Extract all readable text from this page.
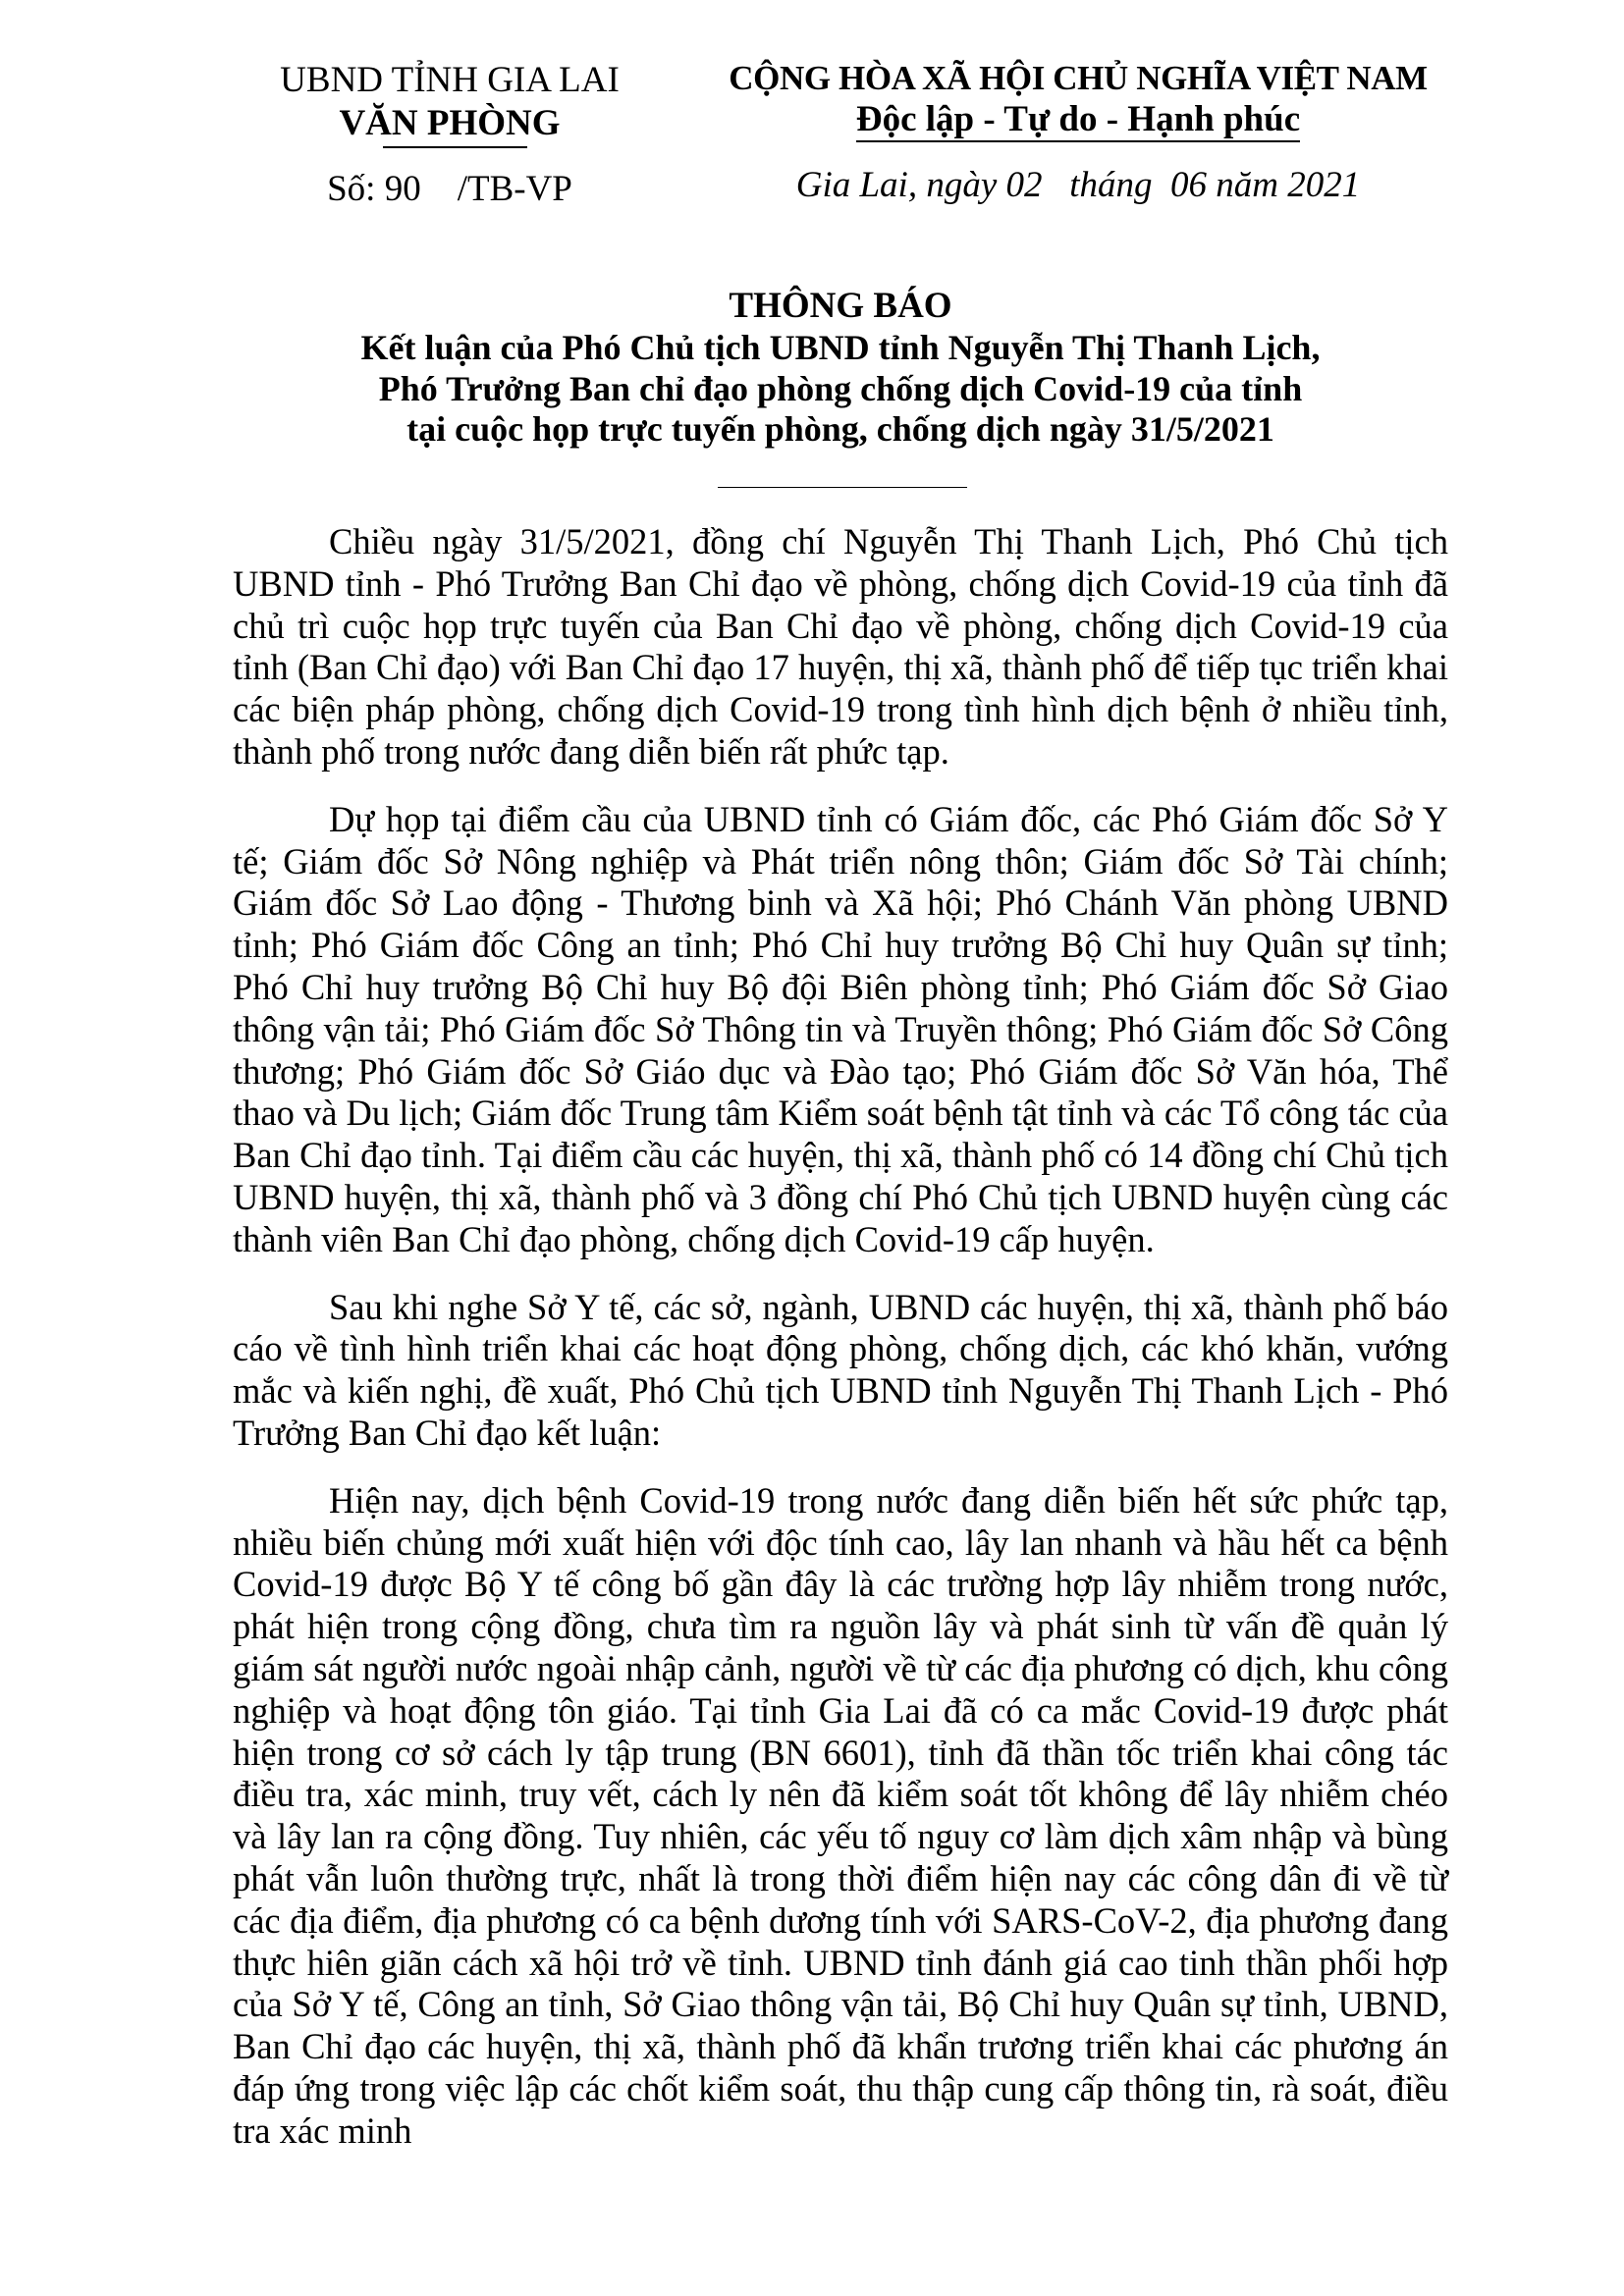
UBND TỈNH GIA LAI
VĂN PHÒNG
Số: 90    /TB-VP
CỘNG HÒA XÃ HỘI CHỦ NGHĨA VIỆT NAM
Độc lập - Tự do - Hạnh phúc
Gia Lai, ngày 02   tháng  06 năm 2021
THÔNG BÁO
Kết luận của Phó Chủ tịch UBND tỉnh Nguyễn Thị Thanh Lịch,
Phó Trưởng Ban chỉ đạo phòng chống dịch Covid-19 của tỉnh
tại cuộc họp trực tuyến phòng, chống dịch ngày 31/5/2021

Chiều ngày 31/5/2021, đồng chí Nguyễn Thị Thanh Lịch, Phó Chủ tịch UBND tỉnh - Phó Trưởng Ban Chỉ đạo về phòng, chống dịch Covid-19 của tỉnh đã chủ trì cuộc họp trực tuyến của Ban Chỉ đạo về phòng, chống dịch Covid-19 của tỉnh (Ban Chỉ đạo) với Ban Chỉ đạo 17 huyện, thị xã, thành phố để tiếp tục triển khai các biện pháp phòng, chống dịch Covid-19 trong tình hình dịch bệnh ở nhiều tỉnh, thành phố trong nước đang diễn biến rất phức tạp.

Dự họp tại điểm cầu của UBND tỉnh có Giám đốc, các Phó Giám đốc Sở Y tế; Giám đốc Sở Nông nghiệp và Phát triển nông thôn; Giám đốc Sở Tài chính; Giám đốc Sở Lao động - Thương binh và Xã hội; Phó Chánh Văn phòng UBND tỉnh; Phó Giám đốc Công an tỉnh; Phó Chỉ huy trưởng Bộ Chỉ huy Quân sự tỉnh; Phó Chỉ huy trưởng Bộ Chỉ huy Bộ đội Biên phòng tỉnh; Phó Giám đốc Sở Giao thông vận tải; Phó Giám đốc Sở Thông tin và Truyền thông; Phó Giám đốc Sở Công thương; Phó Giám đốc Sở Giáo dục và Đào tạo; Phó Giám đốc Sở Văn hóa, Thể thao và Du lịch; Giám đốc Trung tâm Kiểm soát bệnh tật tỉnh và các Tổ công tác của Ban Chỉ đạo tỉnh. Tại điểm cầu các huyện, thị xã, thành phố có 14 đồng chí Chủ tịch UBND huyện, thị xã, thành phố và 3 đồng chí Phó Chủ tịch UBND huyện cùng các thành viên Ban Chỉ đạo phòng, chống dịch Covid-19 cấp huyện.

Sau khi nghe Sở Y tế, các sở, ngành, UBND các huyện, thị xã, thành phố báo cáo về tình hình triển khai các hoạt động phòng, chống dịch, các khó khăn, vướng mắc và kiến nghị, đề xuất, Phó Chủ tịch UBND tỉnh Nguyễn Thị Thanh Lịch - Phó Trưởng Ban Chỉ đạo kết luận:

Hiện nay, dịch bệnh Covid-19 trong nước đang diễn biến hết sức phức tạp, nhiều biến chủng mới xuất hiện với độc tính cao, lây lan nhanh và hầu hết ca bệnh Covid-19 được Bộ Y tế công bố gần đây là các trường hợp lây nhiễm trong nước, phát hiện trong cộng đồng, chưa tìm ra nguồn lây và phát sinh từ vấn đề quản lý giám sát người nước ngoài nhập cảnh, người về từ các địa phương có dịch, khu công nghiệp và hoạt động tôn giáo. Tại tỉnh Gia Lai đã có ca mắc Covid-19 được phát hiện trong cơ sở cách ly tập trung (BN 6601), tỉnh đã thần tốc triển khai công tác điều tra, xác minh, truy vết, cách ly nên đã kiểm soát tốt không để lây nhiễm chéo và lây lan ra cộng đồng. Tuy nhiên, các yếu tố nguy cơ làm dịch xâm nhập và bùng phát vẫn luôn thường trực, nhất là trong thời điểm hiện nay các công dân đi về từ các địa điểm, địa phương có ca bệnh dương tính với SARS-CoV-2, địa phương đang thực hiên giãn cách xã hội trở về tỉnh. UBND tỉnh đánh giá cao tinh thần phối hợp của Sở Y tế, Công an tỉnh, Sở Giao thông vận tải, Bộ Chỉ huy Quân sự tỉnh, UBND, Ban Chỉ đạo các huyện, thị xã, thành phố đã khẩn trương triển khai các phương án đáp ứng trong việc lập các chốt kiểm soát, thu thập cung cấp thông tin, rà soát, điều tra xác minh
